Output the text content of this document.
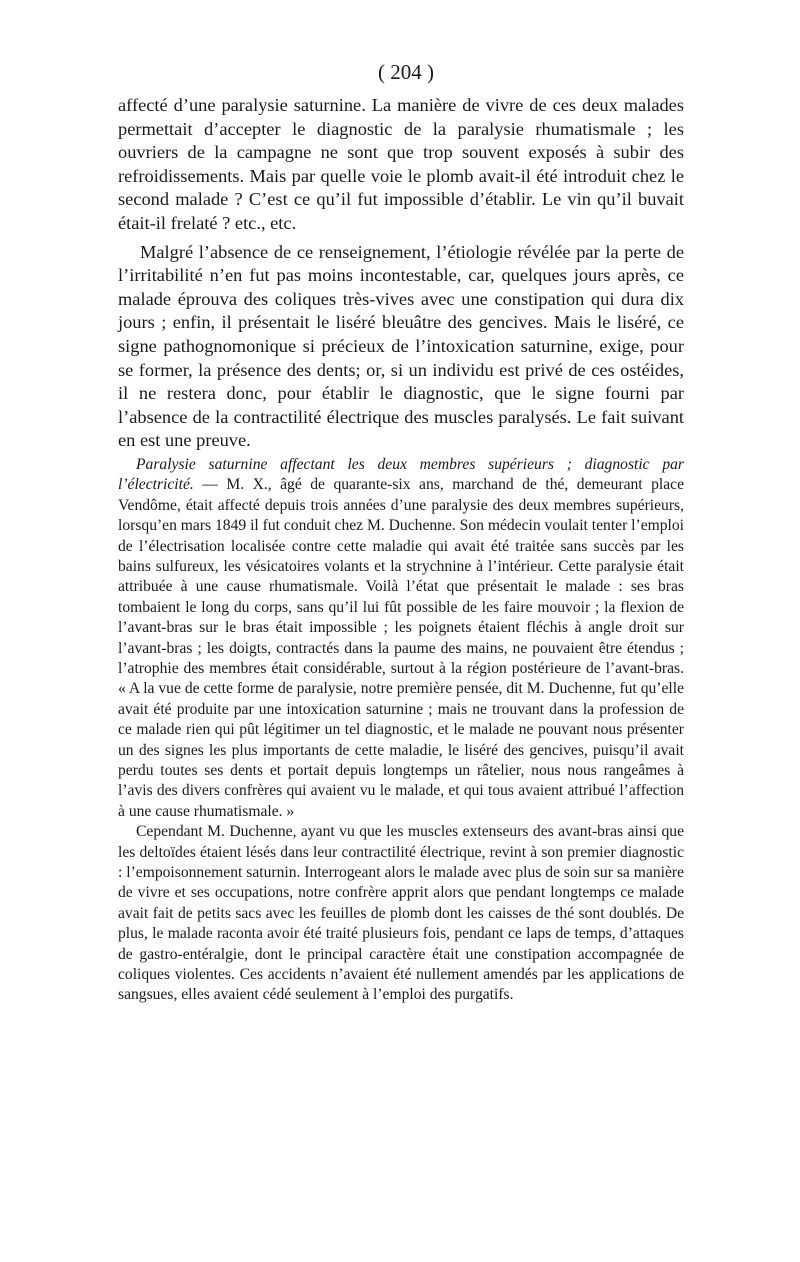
( 204 )

affecté d’une paralysie saturnine. La manière de vivre de ces deux malades permettait d’accepter le diagnostic de la paralysie rhumatismale ; les ouvriers de la campagne ne sont que trop souvent exposés à subir des refroidissements. Mais par quelle voie le plomb avait-il été introduit chez le second malade ? C’est ce qu’il fut impossible d’établir. Le vin qu’il buvait était-il frelaté ? etc., etc.

Malgré l’absence de ce renseignement, l’étiologie révélée par la perte de l’irritabilité n’en fut pas moins incontestable, car, quelques jours après, ce malade éprouva des coliques très-vives avec une constipation qui dura dix jours ; enfin, il présentait le liséré bleuâtre des gencives. Mais le liséré, ce signe pathognomonique si précieux de l’intoxication saturnine, exige, pour se former, la présence des dents; or, si un individu est privé de ces ostéides, il ne restera donc, pour établir le diagnostic, que le signe fourni par l’absence de la contractilité électrique des muscles paralysés. Le fait suivant en est une preuve.

Paralysie saturnine affectant les deux membres supérieurs ; diagnostic par l’électricité. — M. X., âgé de quarante-six ans, marchand de thé, demeurant place Vendôme, était affecté depuis trois années d’une paralysie des deux membres supérieurs, lorsqu’en mars 1849 il fut conduit chez M. Duchenne. Son médecin voulait tenter l’emploi de l’électrisation localisée contre cette maladie qui avait été traitée sans succès par les bains sulfureux, les vésicatoires volants et la strychnine à l’intérieur. Cette paralysie était attribuée à une cause rhumatismale. Voilà l’état que présentait le malade : ses bras tombaient le long du corps, sans qu’il lui fût possible de les faire mouvoir ; la flexion de l’avant-bras sur le bras était impossible ; les poignets étaient fléchis à angle droit sur l’avant-bras ; les doigts, contractés dans la paume des mains, ne pouvaient être étendus ; l’atrophie des membres était considérable, surtout à la région postérieure de l’avant-bras. « A la vue de cette forme de paralysie, notre première pensée, dit M. Duchenne, fut qu’elle avait été produite par une intoxication saturnine ; mais ne trouvant dans la profession de ce malade rien qui pût légitimer un tel diagnostic, et le malade ne pouvant nous présenter un des signes les plus importants de cette maladie, le liséré des gencives, puisqu’il avait perdu toutes ses dents et portait depuis longtemps un râtelier, nous nous rangeâmes à l’avis des divers confrères qui avaient vu le malade, et qui tous avaient attribué l’affection à une cause rhumatismale. »

Cependant M. Duchenne, ayant vu que les muscles extenseurs des avant-bras ainsi que les deltoïdes étaient lésés dans leur contractilité électrique, revint à son premier diagnostic : l’empoisonnement saturnin. Interrogeant alors le malade avec plus de soin sur sa manière de vivre et ses occupations, notre confrère apprit alors que pendant longtemps ce malade avait fait de petits sacs avec les feuilles de plomb dont les caisses de thé sont doublés. De plus, le malade raconta avoir été traité plusieurs fois, pendant ce laps de temps, d’attaques de gastro-entéralgie, dont le principal caractère était une constipation accompagnée de coliques violentes. Ces accidents n’avaient été nullement amendés par les applications de sangsues, elles avaient cédé seulement à l’emploi des purgatifs.
